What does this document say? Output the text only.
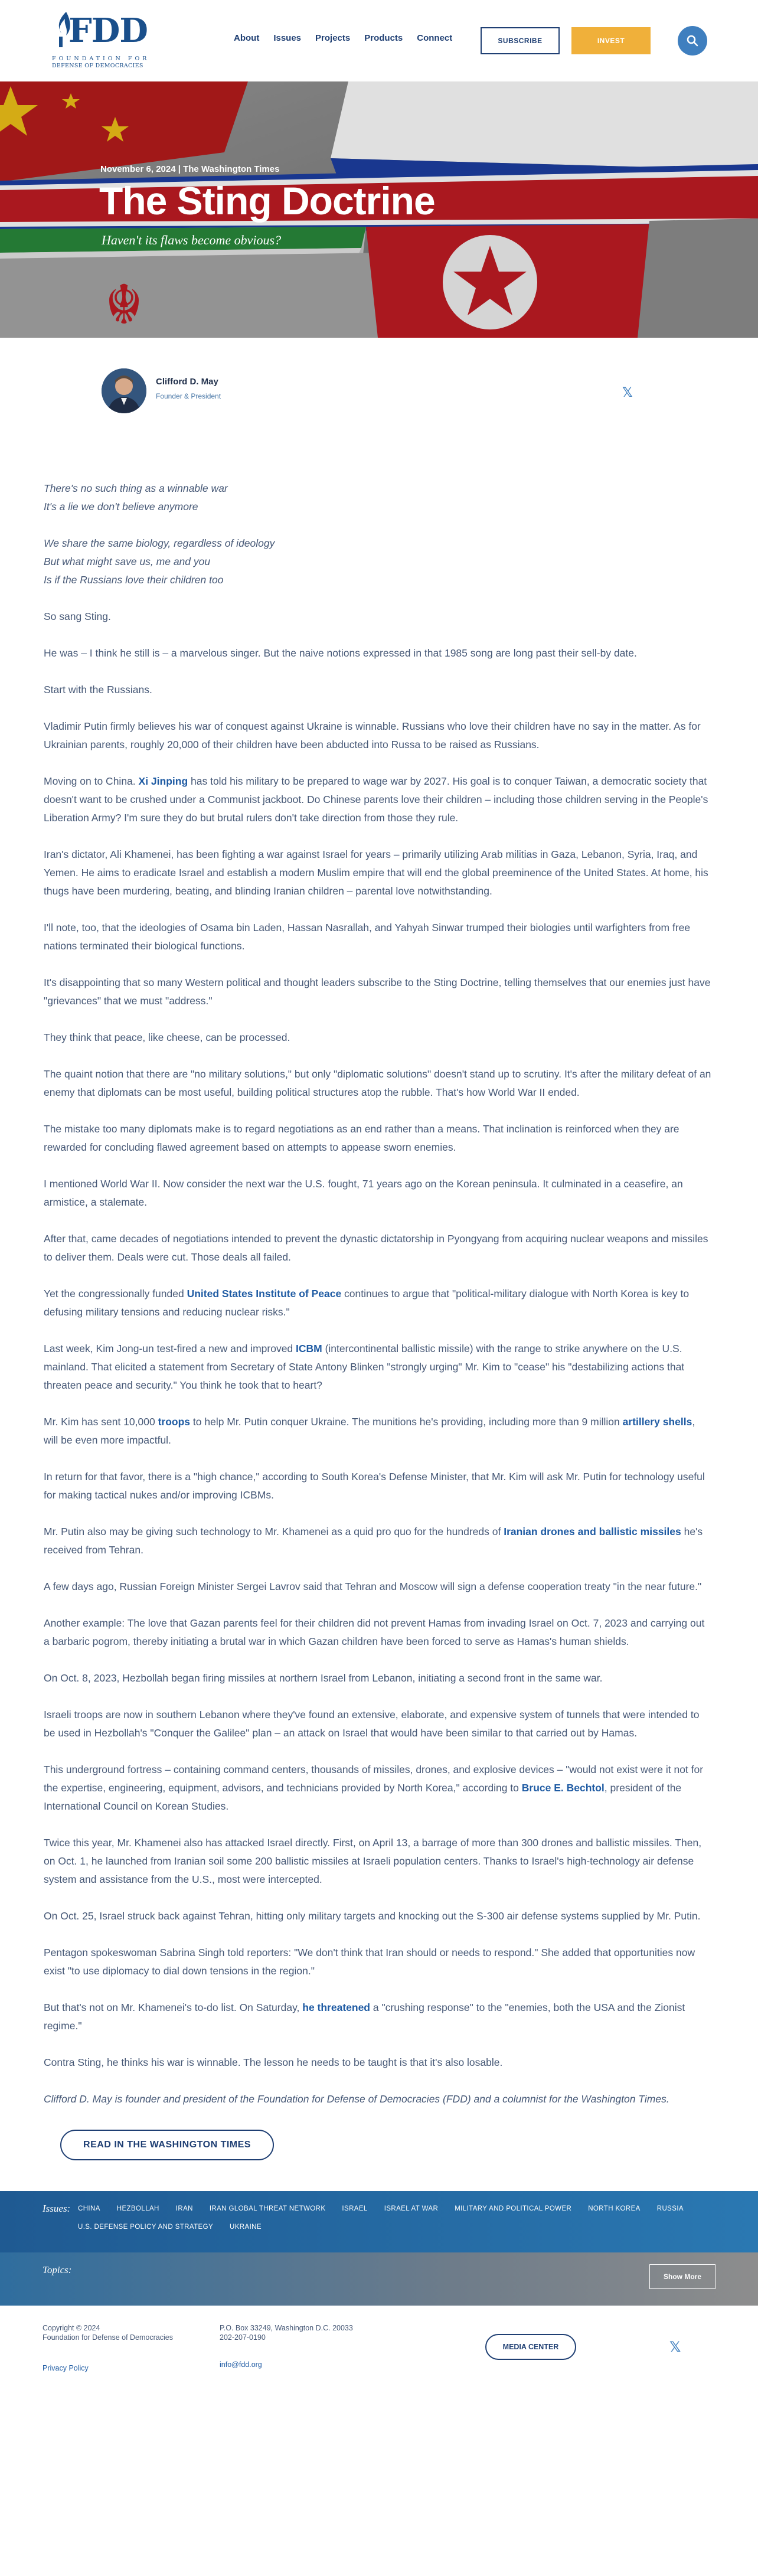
FDD
FOUNDATION FOR
DEFENSE OF DEMOCRACIES
About Issues Projects Products Connect	SUBSCRIBE	INVEST
☬
November 6, 2024 | The Washington Times
The Sting Doctrine
Haven't its flaws become obvious?
Clifford D. May
Founder & President	𝕏

There's no such thing as a winnable war
It's a lie we don't believe anymore

We share the same biology, regardless of ideology
But what might save us, me and you
Is if the Russians love their children too

So sang Sting.

He was – I think he still is – a marvelous singer. But the naive notions expressed in that 1985 song are long past their sell-by date.

Start with the Russians.

Vladimir Putin firmly believes his war of conquest against Ukraine is winnable. Russians who love their children have no say in the matter. As for Ukrainian parents, roughly 20,000 of their children have been abducted into Russa to be raised as Russians.

Moving on to China. Xi Jinping has told his military to be prepared to wage war by 2027. His goal is to conquer Taiwan, a democratic society that doesn't want to be crushed under a Communist jackboot. Do Chinese parents love their children – including those children serving in the People's Liberation Army? I'm sure they do but brutal rulers don't take direction from those they rule.

Iran's dictator, Ali Khamenei, has been fighting a war against Israel for years – primarily utilizing Arab militias in Gaza, Lebanon, Syria, Iraq, and Yemen. He aims to eradicate Israel and establish a modern Muslim empire that will end the global preeminence of the United States. At home, his thugs have been murdering, beating, and blinding Iranian children – parental love notwithstanding.

I'll note, too, that the ideologies of Osama bin Laden, Hassan Nasrallah, and Yahyah Sinwar trumped their biologies until warfighters from free nations terminated their biological functions.

It's disappointing that so many Western political and thought leaders subscribe to the Sting Doctrine, telling themselves that our enemies just have "grievances" that we must "address."

They think that peace, like cheese, can be processed.

The quaint notion that there are "no military solutions," but only "diplomatic solutions" doesn't stand up to scrutiny. It's after the military defeat of an enemy that diplomats can be most useful, building political structures atop the rubble. That's how World War II ended.

The mistake too many diplomats make is to regard negotiations as an end rather than a means. That inclination is reinforced when they are rewarded for concluding flawed agreement based on attempts to appease sworn enemies.

I mentioned World War II. Now consider the next war the U.S. fought, 71 years ago on the Korean peninsula. It culminated in a ceasefire, an armistice, a stalemate.

After that, came decades of negotiations intended to prevent the dynastic dictatorship in Pyongyang from acquiring nuclear weapons and missiles to deliver them. Deals were cut. Those deals all failed.

Yet the congressionally funded United States Institute of Peace continues to argue that "political-military dialogue with North Korea is key to defusing military tensions and reducing nuclear risks."

Last week, Kim Jong-un test-fired a new and improved ICBM (intercontinental ballistic missile) with the range to strike anywhere on the U.S. mainland. That elicited a statement from Secretary of State Antony Blinken "strongly urging" Mr. Kim to "cease" his "destabilizing actions that threaten peace and security." You think he took that to heart?

Mr. Kim has sent 10,000 troops to help Mr. Putin conquer Ukraine. The munitions he's providing, including more than 9 million artillery shells, will be even more impactful.

In return for that favor, there is a "high chance," according to South Korea's Defense Minister, that Mr. Kim will ask Mr. Putin for technology useful for making tactical nukes and/or improving ICBMs.

Mr. Putin also may be giving such technology to Mr. Khamenei as a quid pro quo for the hundreds of Iranian drones and ballistic missiles he's received from Tehran.

A few days ago, Russian Foreign Minister Sergei Lavrov said that Tehran and Moscow will sign a defense cooperation treaty "in the near future."

Another example: The love that Gazan parents feel for their children did not prevent Hamas from invading Israel on Oct. 7, 2023 and carrying out a barbaric pogrom, thereby initiating a brutal war in which Gazan children have been forced to serve as Hamas's human shields.

On Oct. 8, 2023, Hezbollah began firing missiles at northern Israel from Lebanon, initiating a second front in the same war.

Israeli troops are now in southern Lebanon where they've found an extensive, elaborate, and expensive system of tunnels that were intended to be used in Hezbollah's "Conquer the Galilee" plan – an attack on Israel that would have been similar to that carried out by Hamas.

This underground fortress – containing command centers, thousands of missiles, drones, and explosive devices – "would not exist were it not for the expertise, engineering, equipment, advisors, and technicians provided by North Korea," according to Bruce E. Bechtol, president of the International Council on Korean Studies.

Twice this year, Mr. Khamenei also has attacked Israel directly. First, on April 13, a barrage of more than 300 drones and ballistic missiles. Then, on Oct. 1, he launched from Iranian soil some 200 ballistic missiles at Israeli population centers. Thanks to Israel's high-technology air defense system and assistance from the U.S., most were intercepted.

On Oct. 25, Israel struck back against Tehran, hitting only military targets and knocking out the S-300 air defense systems supplied by Mr. Putin.

Pentagon spokeswoman Sabrina Singh told reporters: "We don't think that Iran should or needs to respond." She added that opportunities now exist "to use diplomacy to dial down tensions in the region."

But that's not on Mr. Khamenei's to-do list. On Saturday, he threatened a "crushing response" to the "enemies, both the USA and the Zionist regime."

Contra Sting, he thinks his war is winnable. The lesson he needs to be taught is that it's also losable.

Clifford D. May is founder and president of the Foundation for Defense of Democracies (FDD) and a columnist for the Washington Times.

READ IN THE WASHINGTON TIMES
Issues: CHINA HEZBOLLAH IRAN IRAN GLOBAL THREAT NETWORK ISRAEL ISRAEL AT WAR MILITARY AND POLITICAL POWER NORTH KOREA RUSSIA
U.S. DEFENSE POLICY AND STRATEGY UKRAINE
Topics:
Show More
Copyright © 2024
Foundation for Defense of Democracies
Privacy Policy
P.O. Box 33249, Washington D.C. 20033
202-207-0190
info@fdd.org
MEDIA CENTER	𝕏
